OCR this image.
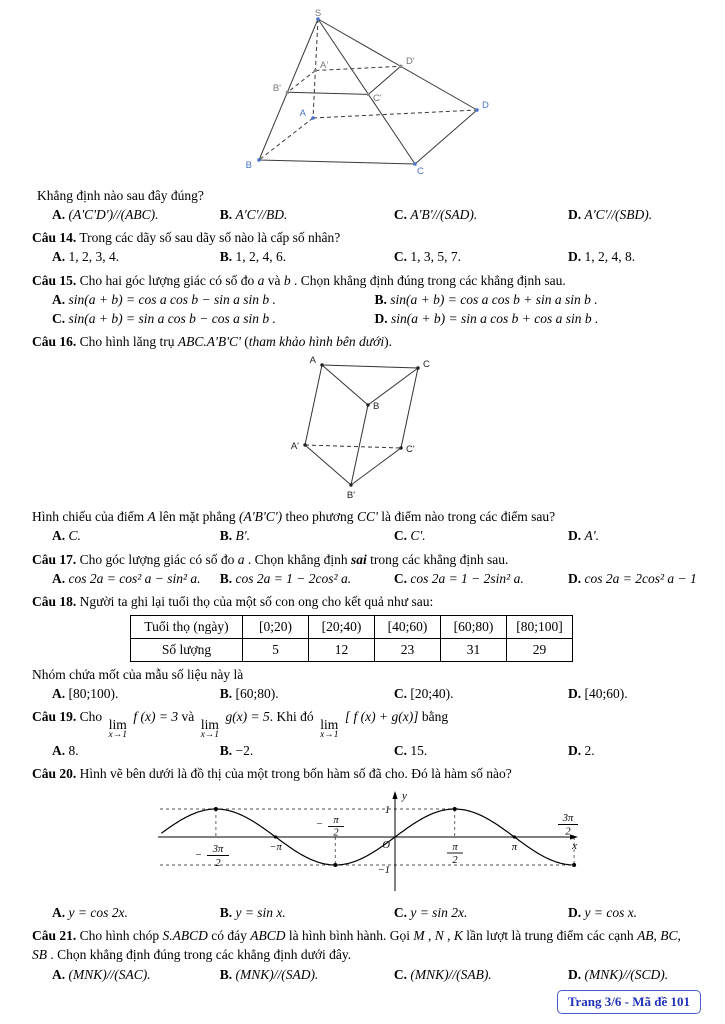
S
A
B
C
D
A'
B'
C'
D'

Khẳng định nào sau đây đúng?

A. (A'C'D')//(ABC).	B. A'C'//BD.	C. A'B'//(SAD).	D. A'C'//(SBD).

Câu 14. Trong các dãy số sau dãy số nào là cấp số nhân?

A. 1, 2, 3, 4.	B. 1, 2, 4, 6.	C. 1, 3, 5, 7.	D. 1, 2, 4, 8.

Câu 15. Cho hai góc lượng giác có số đo a và b . Chọn khẳng định đúng trong các khẳng định sau.

A. sin(a + b) = cos a cos b − sin a sin b .	B. sin(a + b) = cos a cos b + sin a sin b .
C. sin(a + b) = sin a cos b − cos a sin b .	D. sin(a + b) = sin a cos b + cos a sin b .

Câu 16. Cho hình lăng trụ ABC.A'B'C' (tham khảo hình bên dưới).

A	C
B
A'	C'
B'

Hình chiếu của điểm A lên mặt phẳng (A'B'C') theo phương CC' là điểm nào trong các điểm sau?

A. C.	B. B'.	C. C'.	D. A'.

Câu 17. Cho góc lượng giác có số đo a . Chọn khẳng định sai trong các khẳng định sau.

A. cos 2a = cos² a − sin² a.	B. cos 2a = 1 − 2cos² a.	C. cos 2a = 1 − 2sin² a.	D. cos 2a = 2cos² a − 1

Câu 18. Người ta ghi lại tuổi thọ của một số con ong cho kết quả như sau:

Tuổi thọ (ngày)	[0;20)	[20;40)	[40;60)	[60;80)	[80;100]
Số lượng	5	12	23	31	29

Nhóm chứa mốt của mẫu số liệu này là

A. [80;100).	B. [60;80).	C. [20;40).	D. [40;60).

Câu 19. Cho lim
x→1
f (x) = 3 và lim
x→1
g(x) = 5. Khi đó lim
x→1
[ f (x) + g(x)] bằng

A. 8.	B. −2.	C. 15.	D. 2.

Câu 20. Hình vẽ bên dưới là đồ thị của một trong bốn hàm số đã cho. Đó là hàm số nào?

y
x
1
−1
O
−π	π
−
3π
2
− π
2
π
2
3π
2
A. y = cos 2x.	B. y = sin x.	C. y = sin 2x.	D. y = cos x.

Câu 21. Cho hình chóp S.ABCD có đáy ABCD là hình bình hành. Gọi M , N , K lần lượt là trung điểm các cạnh AB, BC, SB . Chọn khẳng định đúng trong các khẳng định dưới đây.

A. (MNK)//(SAC).	B. (MNK)//(SAD).	C. (MNK)//(SAB).	D. (MNK)//(SCD).
Trang 3/6 - Mã đề 101
